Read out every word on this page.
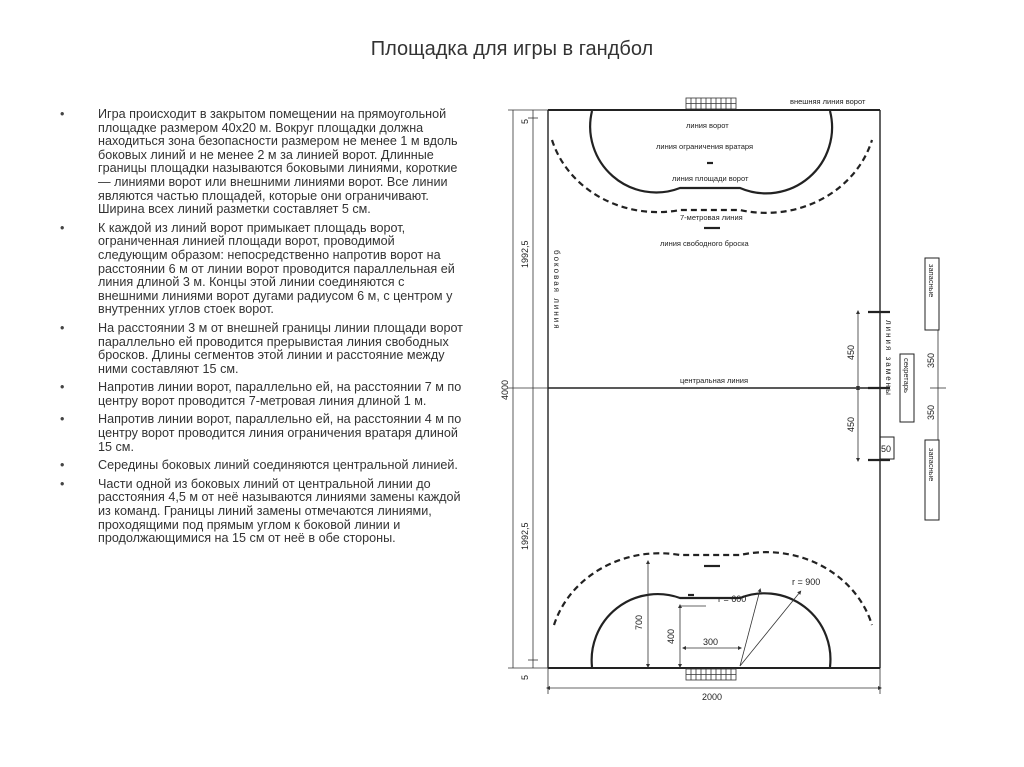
Площадка для игры в гандбол
• Игра происходит в закрытом помещении на прямоугольной площадке размером 40х20 м. Вокруг площадки должна находиться зона безопасности размером не менее 1 м вдоль боковых линий и не менее 2 м за линией ворот. Длинные границы площадки называются боковыми линиями, короткие — линиями ворот или внешними линиями ворот. Все линии являются частью площадей, которые они ограничивают. Ширина всех линий разметки составляет 5 см.
• К каждой из линий ворот примыкает площадь ворот, ограниченная линией площади ворот, проводимой следующим образом: непосредственно напротив ворот на расстоянии 6 м от линии ворот проводится параллельная ей линия длиной 3 м. Концы этой линии соединяются с внешними линиями ворот дугами радиусом 6 м, с центром у внутренних углов стоек ворот.
• На расстоянии 3 м от внешней границы линии площади ворот параллельно ей проводится прерывистая линия свободных бросков. Длины сегментов этой линии и расстояние между ними составляют 15 см.
• Напротив линии ворот, параллельно ей, на расстоянии 7 м по центру ворот проводится 7-метровая линия длиной 1 м.
• Напротив линии ворот, параллельно ей, на расстоянии 4 м по центру ворот проводится линия ограничения вратаря длиной 15 см.
• Середины боковых линий соединяются центральной линией.
• Части одной из боковых линий от центральной линии до расстояния 4,5 м от неё называются линиями замены каждой из команд. Границы линий замены отмечаются линиями, проходящими под прямым углом к боковой линии и продолжающимися на 15 см от неё в обе стороны.
внешняя линия ворот
линия ворот
линия ограничения вратаря
линия площади ворот
7-метровая линия
линия свободного броска
центральная линия
боковая линия
линия замены секретарь
запасные
запасные
5
1992,5
4000
1992,5
5
2000
450
450
350
350
50
700
400	300
r = 600
r = 900
